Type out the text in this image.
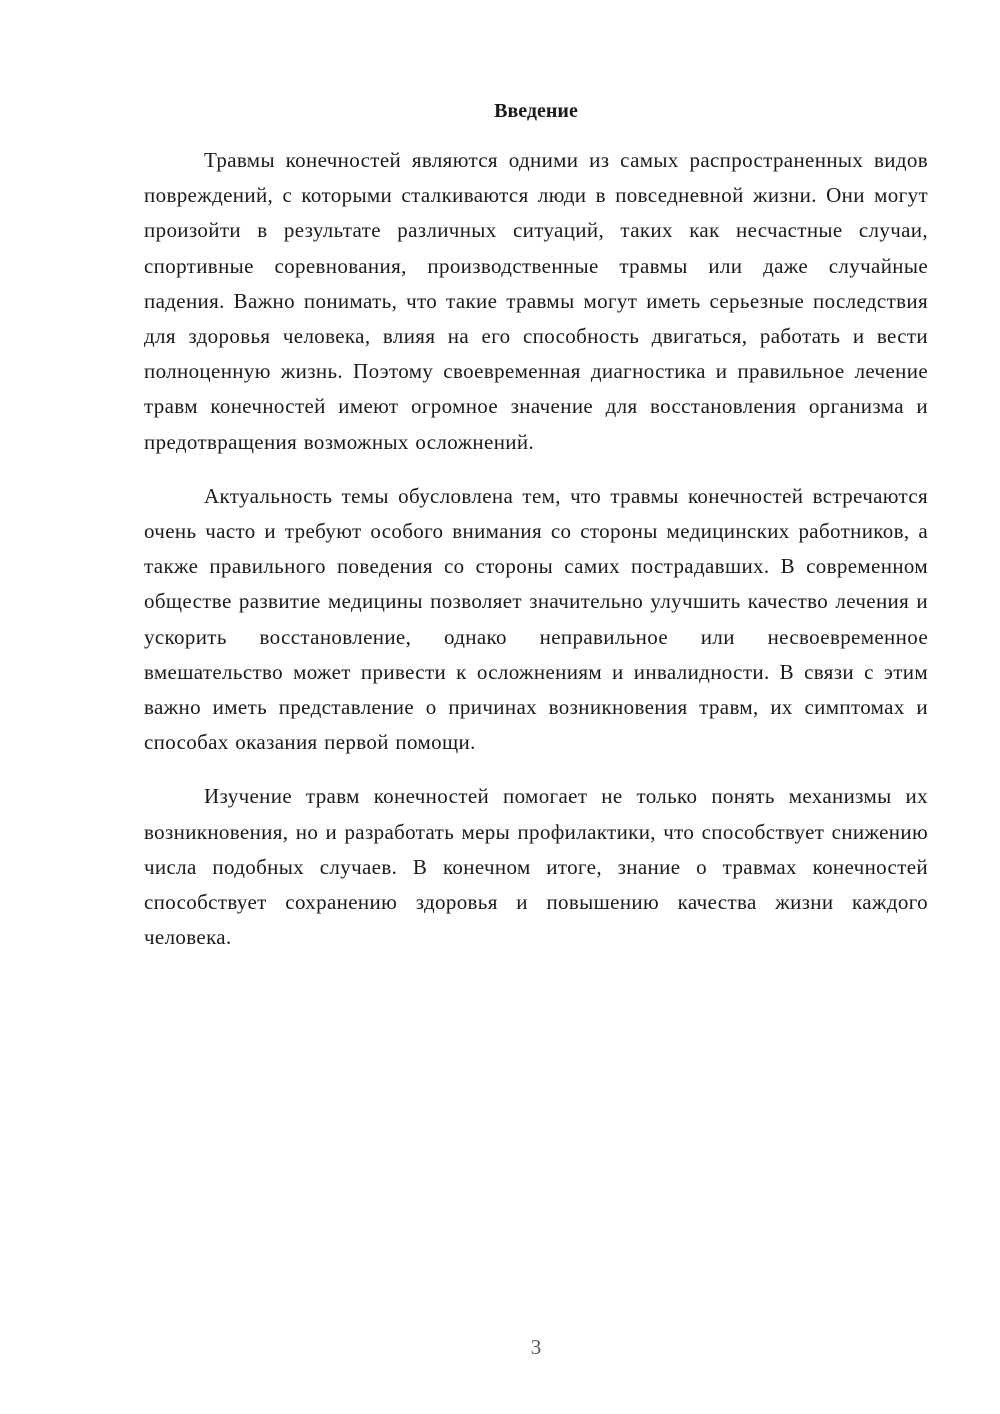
Введение

Травмы конечностей являются одними из самых распространенных видов повреждений, с которыми сталкиваются люди в повседневной жизни. Они могут произойти в результате различных ситуаций, таких как несчастные случаи, спортивные соревнования, производственные травмы или даже случайные падения. Важно понимать, что такие травмы могут иметь серьезные последствия для здоровья человека, влияя на его способность двигаться, работать и вести полноценную жизнь. Поэтому своевременная диагностика и правильное лечение травм конечностей имеют огромное значение для восстановления организма и предотвращения возможных осложнений.

Актуальность темы обусловлена тем, что травмы конечностей встречаются очень часто и требуют особого внимания со стороны медицинских работников, а также правильного поведения со стороны самих пострадавших. В современном обществе развитие медицины позволяет значительно улучшить качество лечения и ускорить восстановление, однако неправильное или несвоевременное вмешательство может привести к осложнениям и инвалидности. В связи с этим важно иметь представление о причинах возникновения травм, их симптомах и способах оказания первой помощи.

Изучение травм конечностей помогает не только понять механизмы их возникновения, но и разработать меры профилактики, что способствует снижению числа подобных случаев. В конечном итоге, знание о травмах конечностей способствует сохранению здоровья и повышению качества жизни каждого человека.

3
